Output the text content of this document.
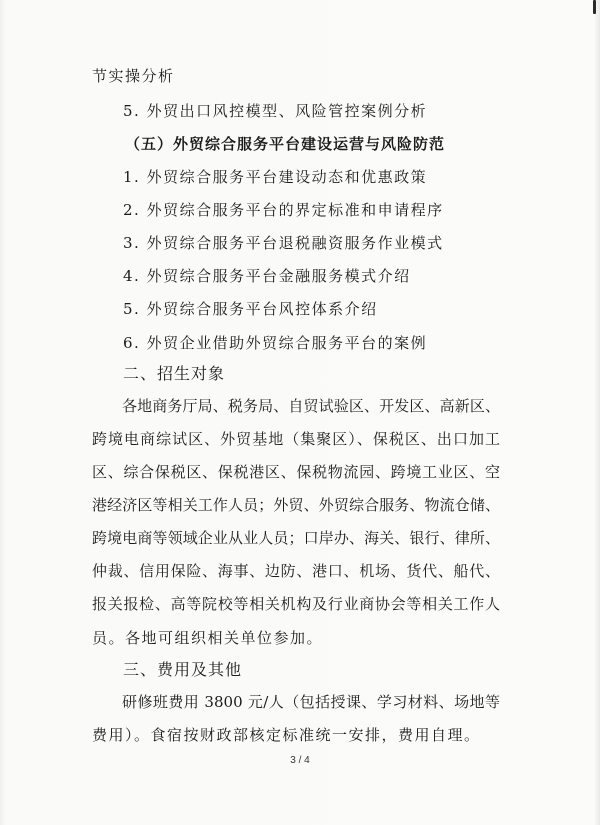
节实操分析
5. 外贸出口风控模型、风险管控案例分析
（五）外贸综合服务平台建设运营与风险防范
1. 外贸综合服务平台建设动态和优惠政策
2. 外贸综合服务平台的界定标准和申请程序
3. 外贸综合服务平台退税融资服务作业模式
4. 外贸综合服务平台金融服务模式介绍
5. 外贸综合服务平台风控体系介绍
6. 外贸企业借助外贸综合服务平台的案例
二、招生对象
各地商务厅局、税务局、自贸试验区、开发区、高新区、
跨境电商综试区、外贸基地（集聚区）、保税区、出口加工
区、综合保税区、保税港区、保税物流园、跨境工业区、空
港经济区等相关工作人员；外贸、外贸综合服务、物流仓储、
跨境电商等领域企业从业人员；口岸办、海关、银行、律所、
仲裁、信用保险、海事、边防、港口、机场、货代、船代、
报关报检、高等院校等相关机构及行业商协会等相关工作人
员。各地可组织相关单位参加。
三、费用及其他
研修班费用 3800 元/人（包括授课、学习材料、场地等
费用）。食宿按财政部核定标准统一安排，费用自理。
3 / 4
